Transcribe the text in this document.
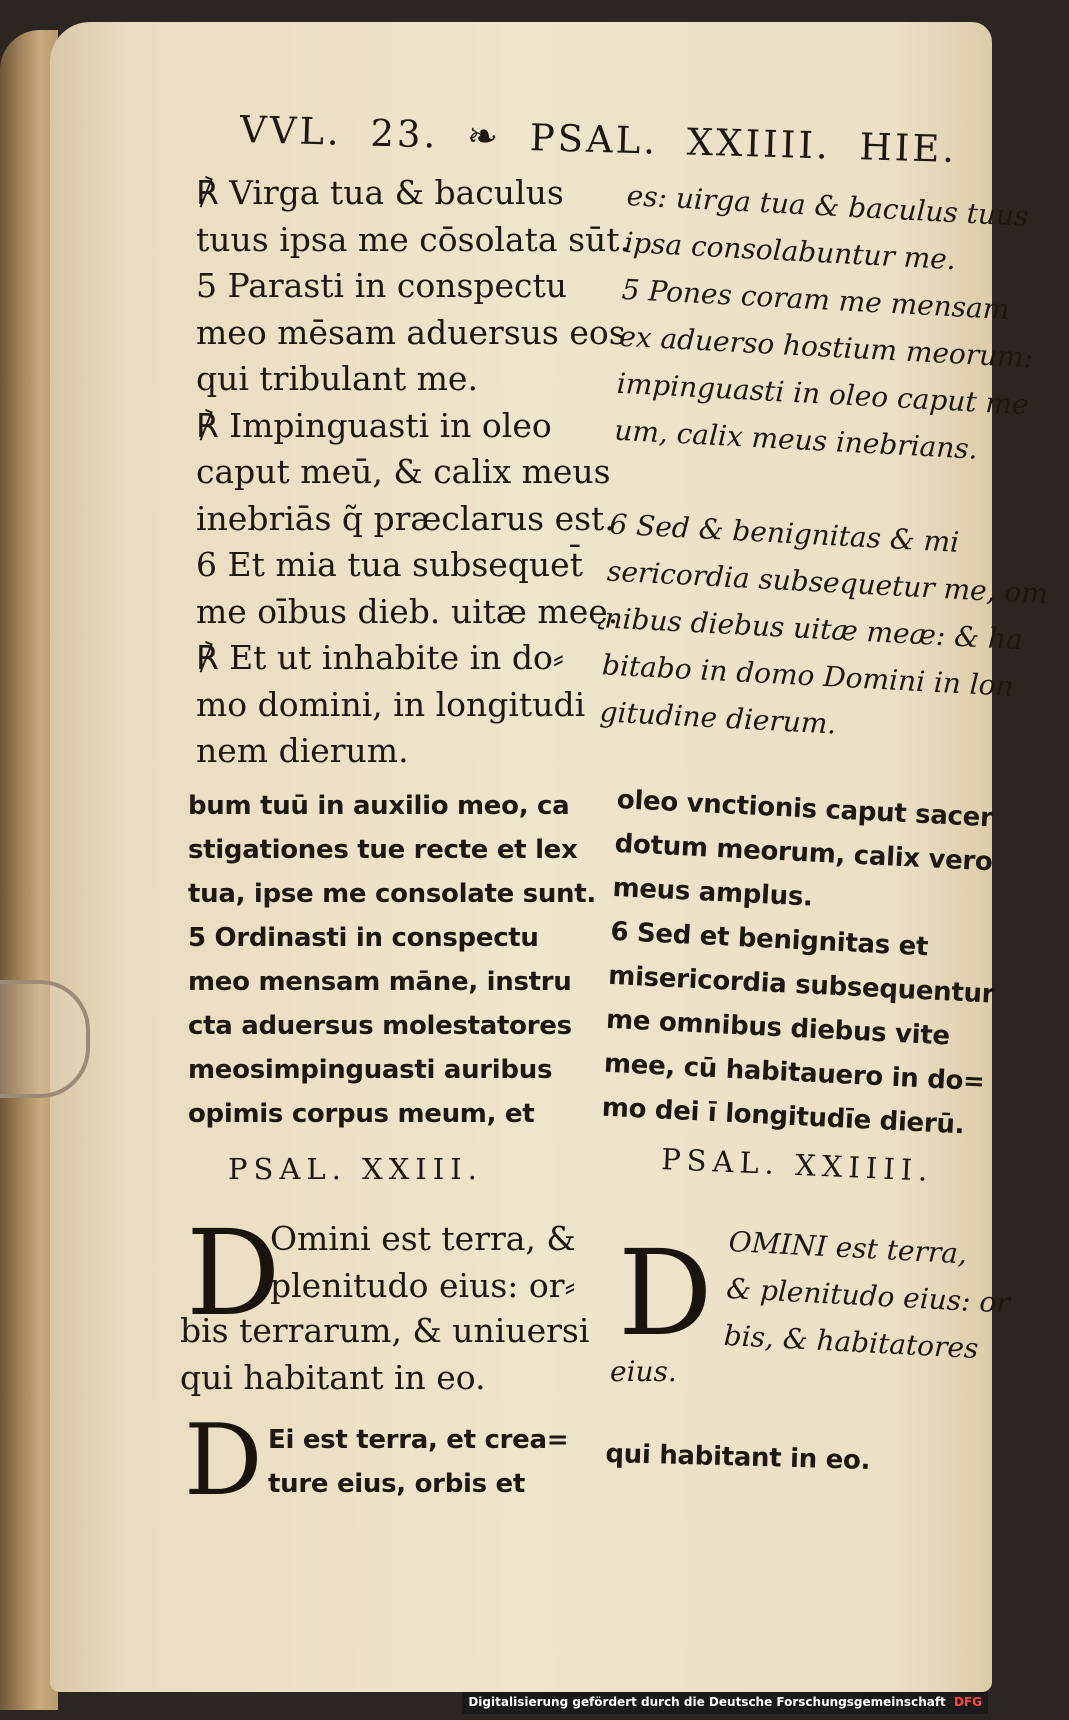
VVL. 23. ❧ PSAL. XXIIII. HIE.
℟ Virga tua & baculus
tuus ipsa me cōsolata sūt.
5 Parasti in conspectu
meo mēsam aduersus eos
qui tribulant me.
℟ Impinguasti in oleo
caput meū, & calix meus
inebriās q̃ præclarus est.
6 Et mia tua subsequet̄
me oībus dieb. uitæ meę.
℟ Et ut inhabite in do⸗
mo domini, in longitudi
nem dierum.
es: uirga tua & baculus tuus
ipsa consolabuntur me.
5 Pones coram me mensam
ex aduerso hostium meorum:
impinguasti in oleo caput me
um, calix meus inebrians.

6 Sed & benignitas & mi
sericordia subsequetur me, om
nibus diebus uitæ meæ: & ha
bitabo in domo Domini in lon
gitudine dierum.
bum tuū in auxilio meo, ca
stigationes tue recte et lex
tua, ipse me consolate sunt.
5 Ordinasti in conspectu
meo mensam māne, instru
cta aduersus molestatores
meosimpinguasti auribus
opimis corpus meum, et
oleo vnctionis caput sacer
dotum meorum, calix vero
meus amplus.
6 Sed et benignitas et
misericordia subsequentur
me omnibus diebus vite
mee, cū habitauero in do=
mo dei ī longitudīe dierū.
PSAL. XXIII.	PSAL. XXIIII.
D
Omini est terra, &
plenitudo eius: or⸗
bis terrarum, & uniuersi
qui habitant in eo.
D OMINI est terra,
& plenitudo eius: or
bis, & habitatores
eius.
D Ei est terra, et crea=
ture eius, orbis et
qui habitant in eo.
Digitalisierung gefördert durch die Deutsche Forschungsgemeinschaft DFG
